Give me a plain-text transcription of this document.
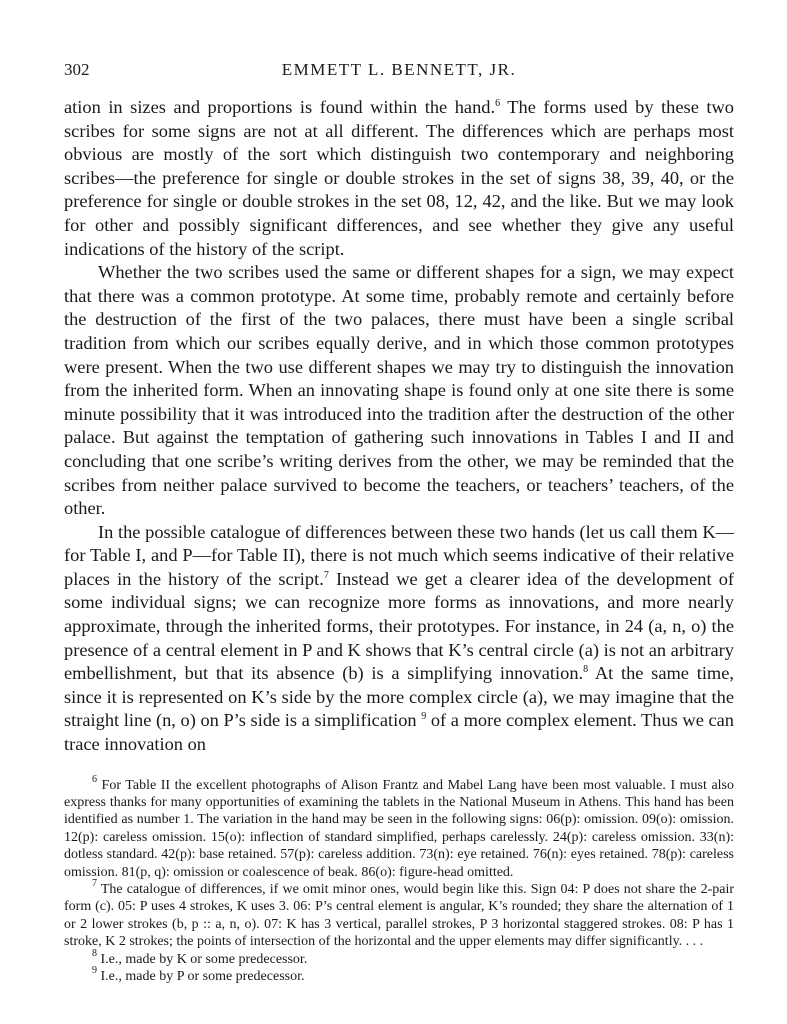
302	EMMETT L. BENNETT, JR.

ation in sizes and proportions is found within the hand.$^6$ The forms used by these two scribes for some signs are not at all different. The differences which are perhaps most obvious are mostly of the sort which distinguish two contemporary and neighboring scribes—the preference for single or double strokes in the set of signs 38, 39, 40, or the preference for single or double strokes in the set 08, 12, 42, and the like. But we may look for other and possibly significant differences, and see whether they give any useful indications of the history of the script.

Whether the two scribes used the same or different shapes for a sign, we may expect that there was a common prototype. At some time, probably remote and certainly before the destruction of the first of the two palaces, there must have been a single scribal tradition from which our scribes equally derive, and in which those common prototypes were present. When the two use different shapes we may try to distinguish the innovation from the inherited form. When an innovating shape is found only at one site there is some minute possibility that it was introduced into the tradition after the destruction of the other palace. But against the temptation of gathering such innovations in Tables I and II and concluding that one scribe’s writing derives from the other, we may be reminded that the scribes from neither palace survived to become the teachers, or teachers’ teachers, of the other.

In the possible catalogue of differences between these two hands (let us call them K—for Table I, and P—for Table II), there is not much which seems indicative of their relative places in the history of the script.$^7$ Instead we get a clearer idea of the development of some individual signs; we can recognize more forms as innovations, and more nearly approximate, through the inherited forms, their prototypes. For instance, in 24 (a, n, o) the presence of a central element in P and K shows that K’s central circle (a) is not an arbitrary embellishment, but that its absence (b) is a simplifying innovation.$^8$ At the same time, since it is represented on K’s side by the more complex circle (a), we may imagine that the straight line (n, o) on P’s side is a simplification $^9$ of a more complex element. Thus we can trace innovation on

$^6$ For Table II the excellent photographs of Alison Frantz and Mabel Lang have been most valuable. I must also express thanks for many opportunities of examining the tablets in the National Museum in Athens. This hand has been identified as number 1. The variation in the hand may be seen in the following signs: 06(p): omission. 09(o): omission. 12(p): careless omission. 15(o): inflection of standard simplified, perhaps carelessly. 24(p): careless omission. 33(n): dotless standard. 42(p): base retained. 57(p): careless addition. 73(n): eye retained. 76(n): eyes retained. 78(p): careless omission. 81(p, q): omission or coalescence of beak. 86(o): figure-head omitted.

$^7$ The catalogue of differences, if we omit minor ones, would begin like this. Sign 04: P does not share the 2-pair form (c). 05: P uses 4 strokes, K uses 3. 06: P’s central element is angular, K’s rounded; they share the alternation of 1 or 2 lower strokes (b, p :: a, n, o). 07: K has 3 vertical, parallel strokes, P 3 horizontal staggered strokes. 08: P has 1 stroke, K 2 strokes; the points of intersection of the horizontal and the upper elements may differ significantly. . . .

$^8$ I.e., made by K or some predecessor.

$^9$ I.e., made by P or some predecessor.
